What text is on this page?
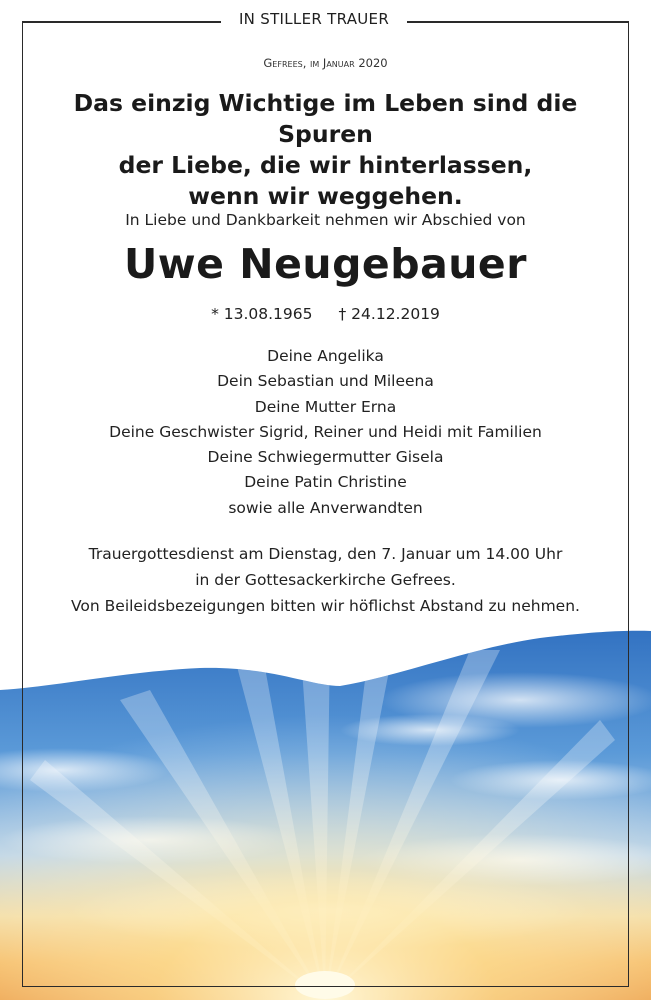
IN STILLER TRAUER
Gefrees, im Januar 2020
Das einzig Wichtige im Leben sind die Spuren
der Liebe, die wir hinterlassen,
wenn wir weggehen.
In Liebe und Dankbarkeit nehmen wir Abschied von
Uwe Neugebauer
* 13.08.1965 † 24.12.2019
Deine Angelika
Dein Sebastian und Mileena
Deine Mutter Erna
Deine Geschwister Sigrid, Reiner und Heidi mit Familien
Deine Schwiegermutter Gisela
Deine Patin Christine
sowie alle Anverwandten
Trauergottesdienst am Dienstag, den 7. Januar um 14.00 Uhr
in der Gottesackerkirche Gefrees.
Von Beileidsbezeigungen bitten wir höflichst Abstand zu nehmen.
